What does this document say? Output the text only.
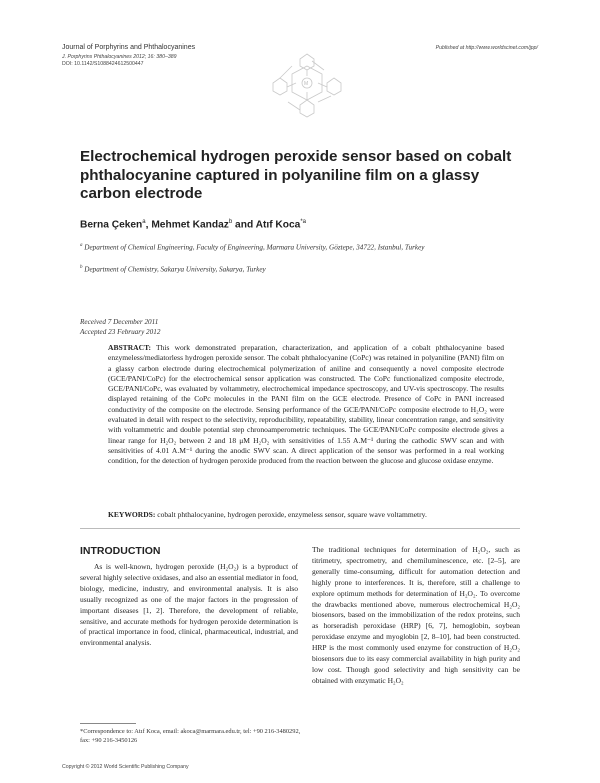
Journal of Porphyrins and Phthalocyanines
J. Porphyrins Phthalocyanines 2012; 16: 380–389
DOI: 10.1142/S1088424612500447
Published at http://www.worldscinet.com/jpp/
M
Electrochemical hydrogen peroxide sensor based on cobalt phthalocyanine captured in polyaniline film on a glassy carbon electrode
Berna Çeken$^a$, Mehmet Kandaz$^b$ and Atıf Koca$^{*a}$
$^a$ Department of Chemical Engineering, Faculty of Engineering, Marmara University, Göztepe, 34722, Istanbul, Turkey
$^b$ Department of Chemistry, Sakarya University, Sakarya, Turkey
Received 7 December 2011
Accepted 23 February 2012
ABSTRACT: This work demonstrated preparation, characterization, and application of a cobalt phthalocyanine based enzymeless/mediatorless hydrogen peroxide sensor. The cobalt phthalocyanine (CoPc) was retained in polyaniline (PANI) film on a glassy carbon electrode during electrochemical polymerization of aniline and consequently a novel composite electrode (GCE/PANI/CoPc) for the electrochemical sensor application was constructed. The CoPc functionalized composite electrode, GCE/PANI/CoPc, was evaluated by voltammetry, electrochemical impedance spectroscopy, and UV-vis spectroscopy. The results displayed retaining of the CoPc molecules in the PANI film on the GCE electrode. Presence of CoPc in PANI increased conductivity of the composite on the electrode. Sensing performance of the GCE/PANI/CoPc composite electrode to H₂O₂ were evaluated in detail with respect to the selectivity, reproducibility, repeatability, stability, linear concentration range, and sensitivity with voltammetric and double potential step chronoamperometric techniques. The GCE/PANI/CoPc composite electrode gives a linear range for H₂O₂ between 2 and 18 μM H₂O₂ with sensitivities of 1.55 A.M⁻¹ during the cathodic SWV scan and with sensitivities of 4.01 A.M⁻¹ during the anodic SWV scan. A direct application of the sensor was performed in a real working condition, for the detection of hydrogen peroxide produced from the reaction between the glucose and glucose oxidase enzyme.
KEYWORDS: cobalt phthalocyanine, hydrogen peroxide, enzymeless sensor, square wave voltammetry.
INTRODUCTION
As is well-known, hydrogen peroxide (H₂O₂) is a byproduct of several highly selective oxidases, and also an essential mediator in food, biology, medicine, industry, and environmental analysis. It is also usually recognized as one of the major factors in the progression of important diseases [1, 2]. Therefore, the development of reliable, sensitive, and accurate methods for hydrogen peroxide determination is of practical importance in food, clinical, pharmaceutical, industrial, and environmental analysis.
The traditional techniques for determination of H₂O₂, such as titrimetry, spectrometry, and chemiluminescence, etc. [2–5], are generally time-consuming, difficult for automation detection and highly prone to interferences. It is, therefore, still a challenge to explore optimum methods for determination of H₂O₂. To overcome the drawbacks mentioned above, numerous electrochemical H₂O₂ biosensors, based on the immobilization of the redox proteins, such as horseradish peroxidase (HRP) [6, 7], hemoglobin, soybean peroxidase enzyme and myoglobin [2, 8–10], had been constructed. HRP is the most commonly used enzyme for construction of H₂O₂ biosensors due to its easy commercial availability in high purity and low cost. Though good selectivity and high sensitivity can be obtained with enzymatic H₂O₂
*Correspondence to: Atıf Koca, email: akoca@marmara.edu.tr, tel: +90 216-3480292, fax: +90 216-3450126
Copyright © 2012 World Scientific Publishing Company
